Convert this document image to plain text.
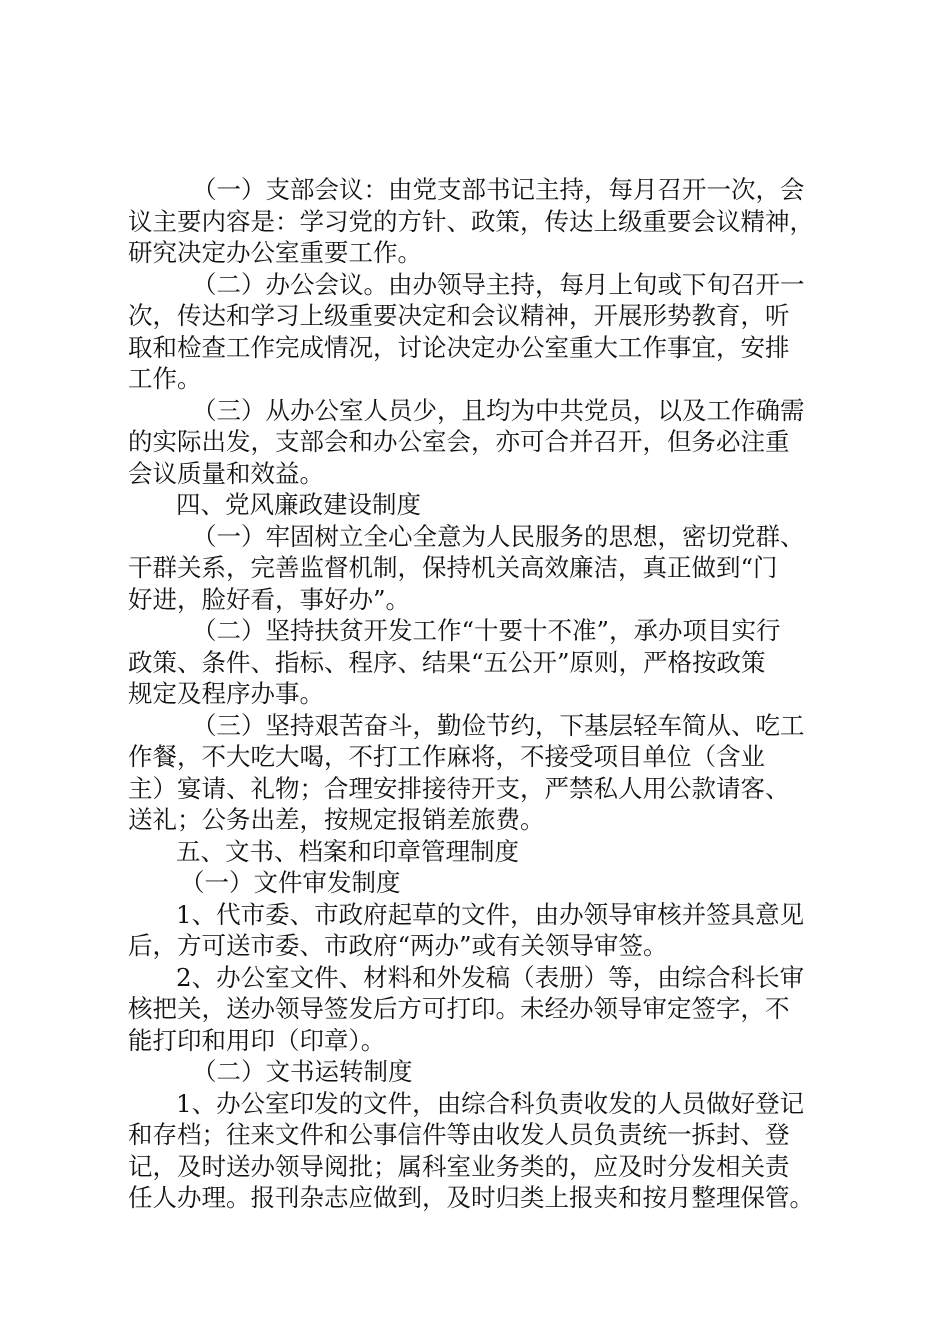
（一）支部会议：由党支部书记主持，每月召开一次，会

议主要内容是：学习党的方针、政策，传达上级重要会议精神，

研究决定办公室重要工作。

（二）办公会议。由办领导主持，每月上旬或下旬召开一

次，传达和学习上级重要决定和会议精神，开展形势教育，听

取和检查工作完成情况，讨论决定办公室重大工作事宜，安排

工作。

（三）从办公室人员少，且均为中共党员，以及工作确需

的实际出发，支部会和办公室会，亦可合并召开，但务必注重

会议质量和效益。

四、党风廉政建设制度

（一）牢固树立全心全意为人民服务的思想，密切党群、

干群关系，完善监督机制，保持机关高效廉洁，真正做到“门

好进，脸好看，事好办”。

（二）坚持扶贫开发工作“十要十不准”，承办项目实行

政策、条件、指标、程序、结果“五公开”原则，严格按政策

规定及程序办事。

（三）坚持艰苦奋斗，勤俭节约，下基层轻车简从、吃工

作餐，不大吃大喝，不打工作麻将，不接受项目单位（含业

主）宴请、礼物；合理安排接待开支，严禁私人用公款请客、

送礼；公务出差，按规定报销差旅费。

五、文书、档案和印章管理制度

（一）文件审发制度

1、代市委、市政府起草的文件，由办领导审核并签具意见

后，方可送市委、市政府“两办”或有关领导审签。

2、办公室文件、材料和外发稿（表册）等，由综合科长审

核把关，送办领导签发后方可打印。未经办领导审定签字，不

能打印和用印（印章）。

（二）文书运转制度

1、办公室印发的文件，由综合科负责收发的人员做好登记

和存档；往来文件和公事信件等由收发人员负责统一拆封、登

记，及时送办领导阅批；属科室业务类的，应及时分发相关责

任人办理。报刊杂志应做到，及时归类上报夹和按月整理保管。
